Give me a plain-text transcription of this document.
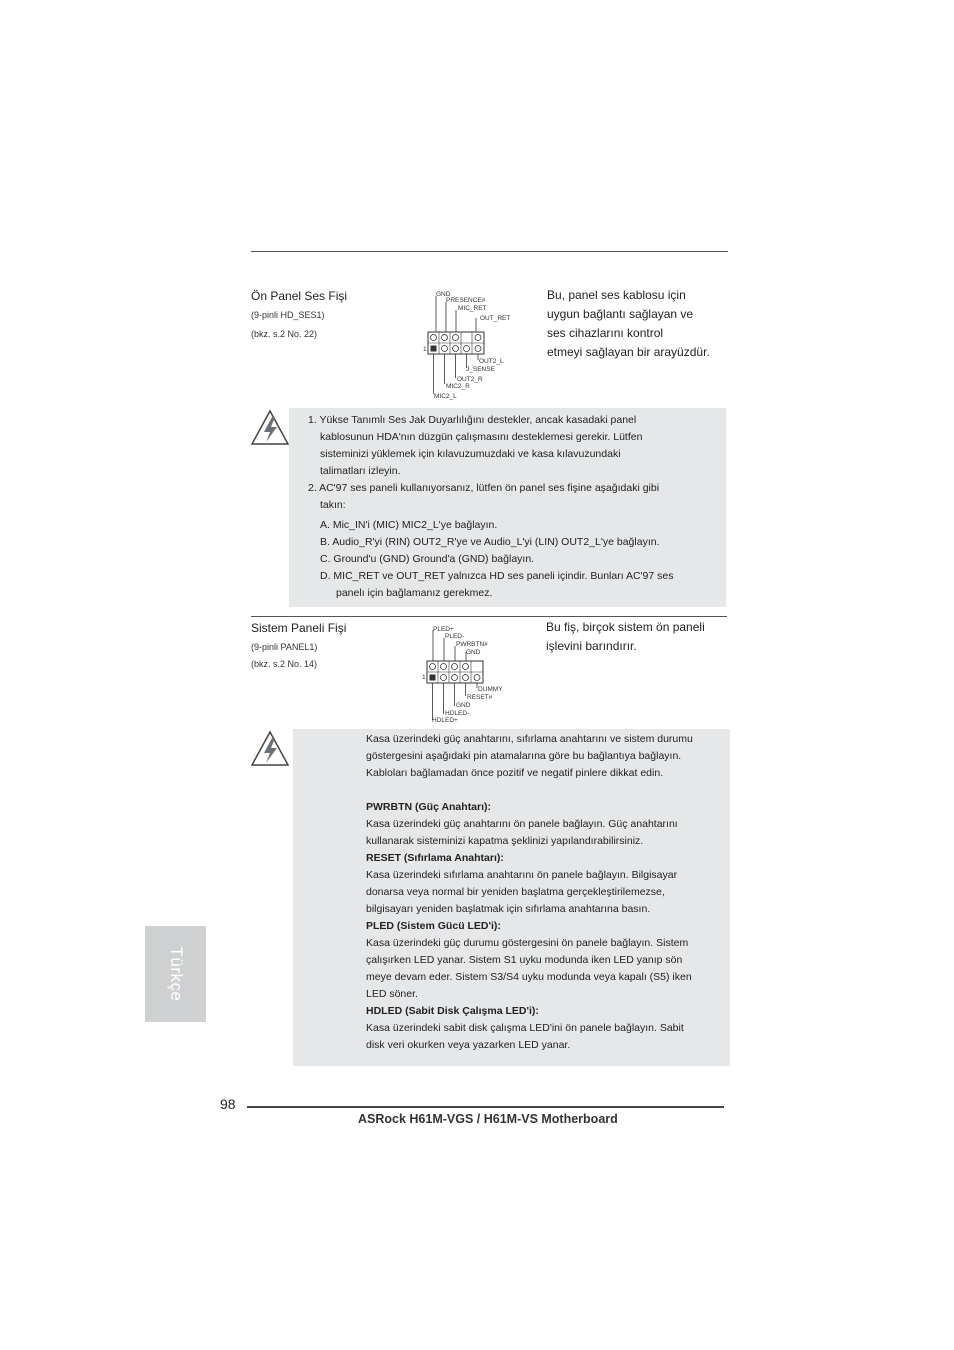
Ön Panel Ses Fişi
(9-pinli HD_SES1)
(bkz. s.2 No. 22)
GND
PRESENCE#
MIC_RET
OUT_RET
1
OUT2_L
J_SENSE
OUT2_R
MIC2_R
MIC2_L
Bu, panel ses kablosu için
uygun bağlantı sağlayan ve
ses cihazlarını kontrol
etmeyi sağlayan bir arayüzdür.
1. Yükse Tanımlı Ses Jak Duyarlılığını destekler, ancak kasadaki panel
kablosunun HDA'nın düzgün çalışmasını desteklemesi gerekir. Lütfen
sisteminizi yüklemek için kılavuzumuzdaki ve kasa kılavuzundaki
talimatları izleyin.
2. AC'97 ses paneli kullanıyorsanız, lütfen ön panel ses fişine aşağıdaki gibi
takın:
A. Mic_IN'i (MIC) MIC2_L'ye bağlayın.
B. Audio_R'yi (RIN) OUT2_R'ye ve Audio_L'yi (LIN) OUT2_L'ye bağlayın.
C. Ground'u (GND) Ground'a (GND) bağlayın.
D. MIC_RET ve OUT_RET yalnızca HD ses paneli içindir. Bunları AC'97 ses
panelı için bağlamanız gerekmez.
Sistem Paneli Fişi
(9-pinli PANEL1)
(bkz. s.2 No. 14)
PLED+
PLED-
PWRBTN#
GND
1
DUMMY
RESET#
GND
HDLED-
HDLED+
Bu fiş, birçok sistem ön paneli
işlevini barındırır.
Kasa üzerindeki güç anahtarını, sıfırlama anahtarını ve sistem durumu
göstergesini aşağıdaki pin atamalarına göre bu bağlantıya bağlayın.
Kabloları bağlamadan önce pozitif ve negatif pinlere dikkat edin.
PWRBTN (Güç Anahtarı):
Kasa üzerindeki güç anahtarını ön panele bağlayın. Güç anahtarını
kullanarak sisteminizi kapatma şeklinizi yapılandırabilirsiniz.
RESET (Sıfırlama Anahtarı):
Kasa üzerindeki sıfırlama anahtarını ön panele bağlayın. Bilgisayar
donarsa veya normal bir yeniden başlatma gerçekleştirilemezse,
bilgisayarı yeniden başlatmak için sıfırlama anahtarına basın.
PLED (Sistem Gücü LED'i):
Kasa üzerindeki güç durumu göstergesini ön panele bağlayın. Sistem
çalışırken LED yanar. Sistem S1 uyku modunda iken LED yanıp sön
meye devam eder. Sistem S3/S4 uyku modunda veya kapalı (S5) iken
LED söner.
HDLED (Sabit Disk Çalışma LED'i):
Kasa üzerindeki sabit disk çalışma LED'ini ön panele bağlayın. Sabit
disk veri okurken veya yazarken LED yanar.
Türkçe
98
ASRock H61M-VGS / H61M-VS Motherboard
